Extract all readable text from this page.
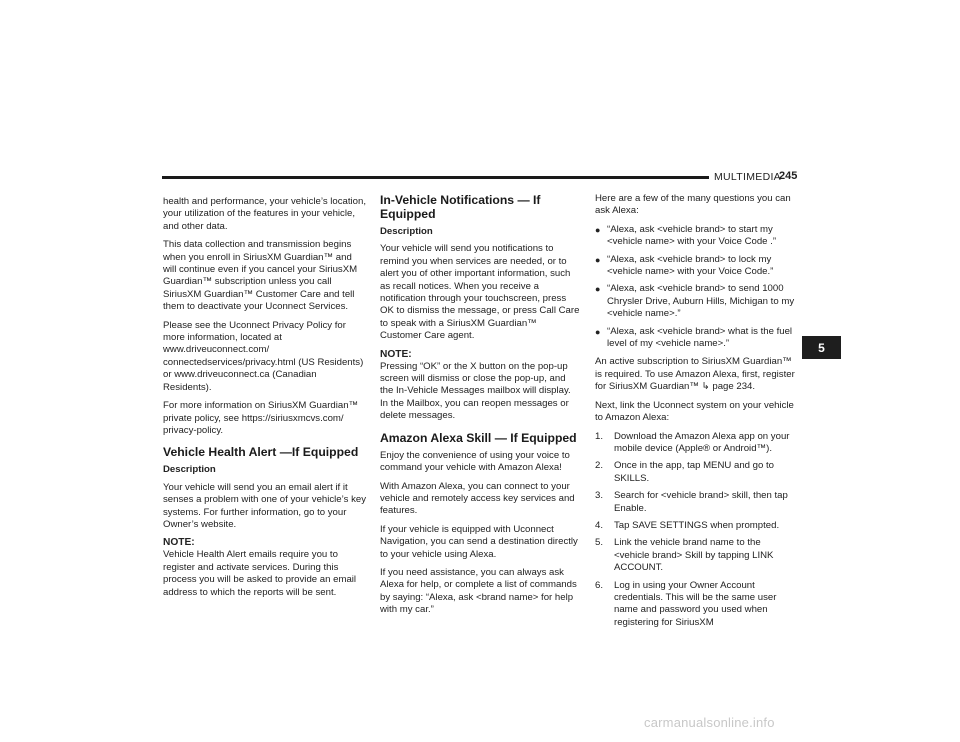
MULTIMEDIA
245

health and performance, your vehicle’s location, your utilization of the features in your vehicle, and other data.

This data collection and transmission begins when you enroll in SiriusXM Guardian™ and will continue even if you cancel your SiriusXM Guardian™ subscription unless you call SiriusXM Guardian™ Customer Care and tell them to deactivate your Uconnect Services.

Please see the Uconnect Privacy Policy for more information, located at www.driveuconnect.com/ connectedservices/privacy.html (US Residents) or www.driveuconnect.ca (Canadian Residents).

For more information on SiriusXM Guardian™ private policy, see https://siriusxmcvs.com/ privacy-policy.

Vehicle Health Alert —If Equipped
Description

Your vehicle will send you an email alert if it senses a problem with one of your vehicle’s key systems. For further information, go to your Owner’s website.

NOTE:

Vehicle Health Alert emails require you to register and activate services. During this process you will be asked to provide an email address to which the reports will be sent.

In-Vehicle Notifications — If Equipped
Description

Your vehicle will send you notifications to remind you when services are needed, or to alert you of other important information, such as recall notices. When you receive a notification through your touchscreen, press OK to dismiss the message, or press Call Care to speak with a SiriusXM Guardian™ Customer Care agent.

NOTE:

Pressing “OK” or the X button on the pop-up screen will dismiss or close the pop-up, and the In-Vehicle Messages mailbox will display. In the Mailbox, you can reopen messages or delete messages.

Amazon Alexa Skill — If Equipped

Enjoy the convenience of using your voice to command your vehicle with Amazon Alexa!

With Amazon Alexa, you can connect to your vehicle and remotely access key services and features.

If your vehicle is equipped with Uconnect Navigation, you can send a destination directly to your vehicle using Alexa.

If you need assistance, you can always ask Alexa for help, or complete a list of commands by saying: “Alexa, ask <brand name> for help with my car.”

Here are a few of the many questions you can ask Alexa:

● “Alexa, ask <vehicle brand> to start my <vehicle name> with your Voice Code .”
● “Alexa, ask <vehicle brand> to lock my <vehicle name> with your Voice Code.”
● “Alexa, ask <vehicle brand> to send 1000 Chrysler Drive, Auburn Hills, Michigan to my <vehicle name>.”
● “Alexa, ask <vehicle brand> what is the fuel level of my <vehicle name>.”

An active subscription to SiriusXM Guardian™ is required. To use Amazon Alexa, first, register for SiriusXM Guardian™ ↳ page 234.

Next, link the Uconnect system on your vehicle to Amazon Alexa:

1. Download the Amazon Alexa app on your mobile device (Apple® or Android™).
2. Once in the app, tap MENU and go to SKILLS.
3. Search for <vehicle brand> skill, then tap Enable.
4. Tap SAVE SETTINGS when prompted.
5. Link the vehicle brand name to the <vehicle brand> Skill by tapping LINK ACCOUNT.
6. Log in using your Owner Account credentials. This will be the same user name and password you used when registering for SiriusXM
5
carmanualsonline.info
